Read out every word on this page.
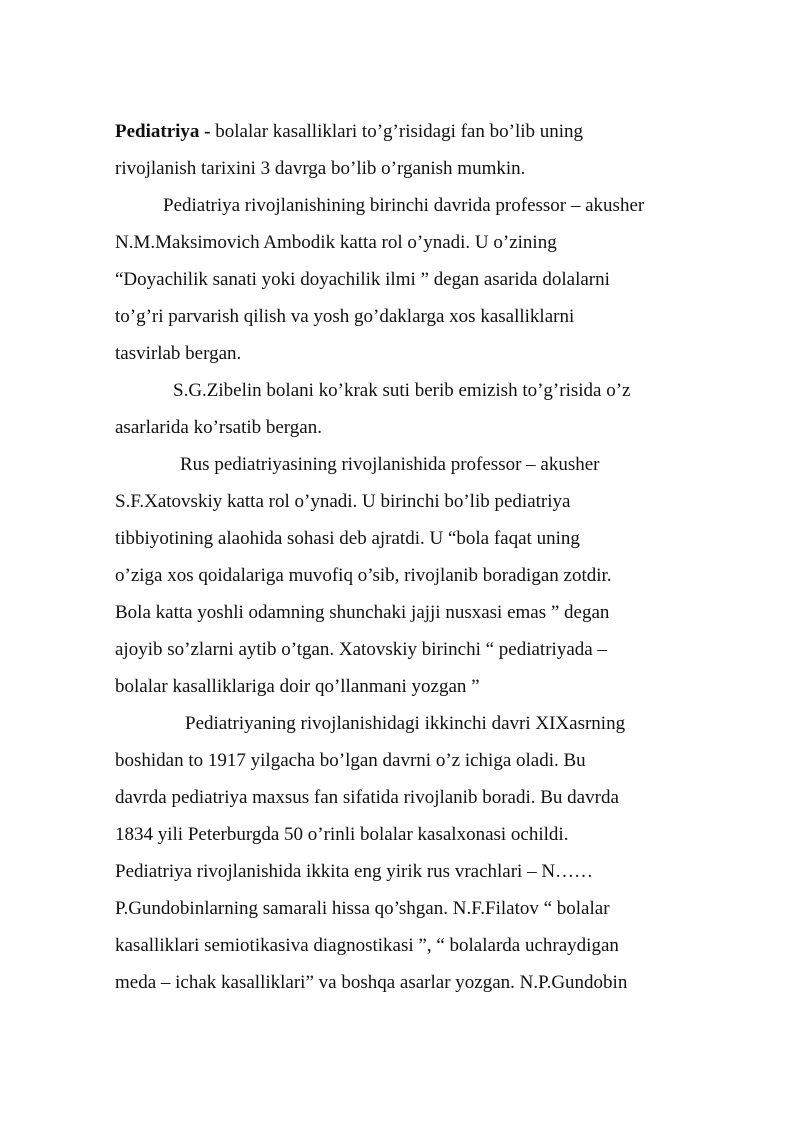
Pediatriya - bolalar kasalliklari to’g’risidagi fan bo’lib uning
rivojlanish tarixini 3 davrga bo’lib o’rganish mumkin.
Pediatriya rivojlanishining birinchi davrida professor – akusher
N.M.Maksimovich Ambodik katta rol o’ynadi. U o’zining
“Doyachilik sanati yoki doyachilik ilmi ” degan asarida dolalarni
to’g’ri parvarish qilish va yosh go’daklarga xos kasalliklarni
tasvirlab bergan.
S.G.Zibelin bolani ko’krak suti berib emizish to’g’risida o’z
asarlarida ko’rsatib bergan.
Rus pediatriyasining rivojlanishida professor – akusher
S.F.Xatovskiy katta rol o’ynadi. U birinchi bo’lib pediatriya
tibbiyotining alaohida sohasi deb ajratdi. U “bola faqat uning
o’ziga xos qoidalariga muvofiq o’sib, rivojlanib boradigan zotdir.
Bola katta yoshli odamning shunchaki jajji nusxasi emas ” degan
ajoyib so’zlarni aytib o’tgan. Xatovskiy birinchi “ pediatriyada –
bolalar kasalliklariga doir qo’llanmani yozgan ”
Pediatriyaning rivojlanishidagi ikkinchi davri XIXasrning
boshidan to 1917 yilgacha bo’lgan davrni o’z ichiga oladi. Bu
davrda pediatriya maxsus fan sifatida rivojlanib boradi. Bu davrda
1834 yili Peterburgda 50 o’rinli bolalar kasalxonasi ochildi.
Pediatriya rivojlanishida ikkita eng yirik rus vrachlari – N……
P.Gundobinlarning samarali hissa qo’shgan. N.F.Filatov “ bolalar
kasalliklari semiotikasiva diagnostikasi ”, “ bolalarda uchraydigan
meda – ichak kasalliklari” va boshqa asarlar yozgan. N.P.Gundobin
